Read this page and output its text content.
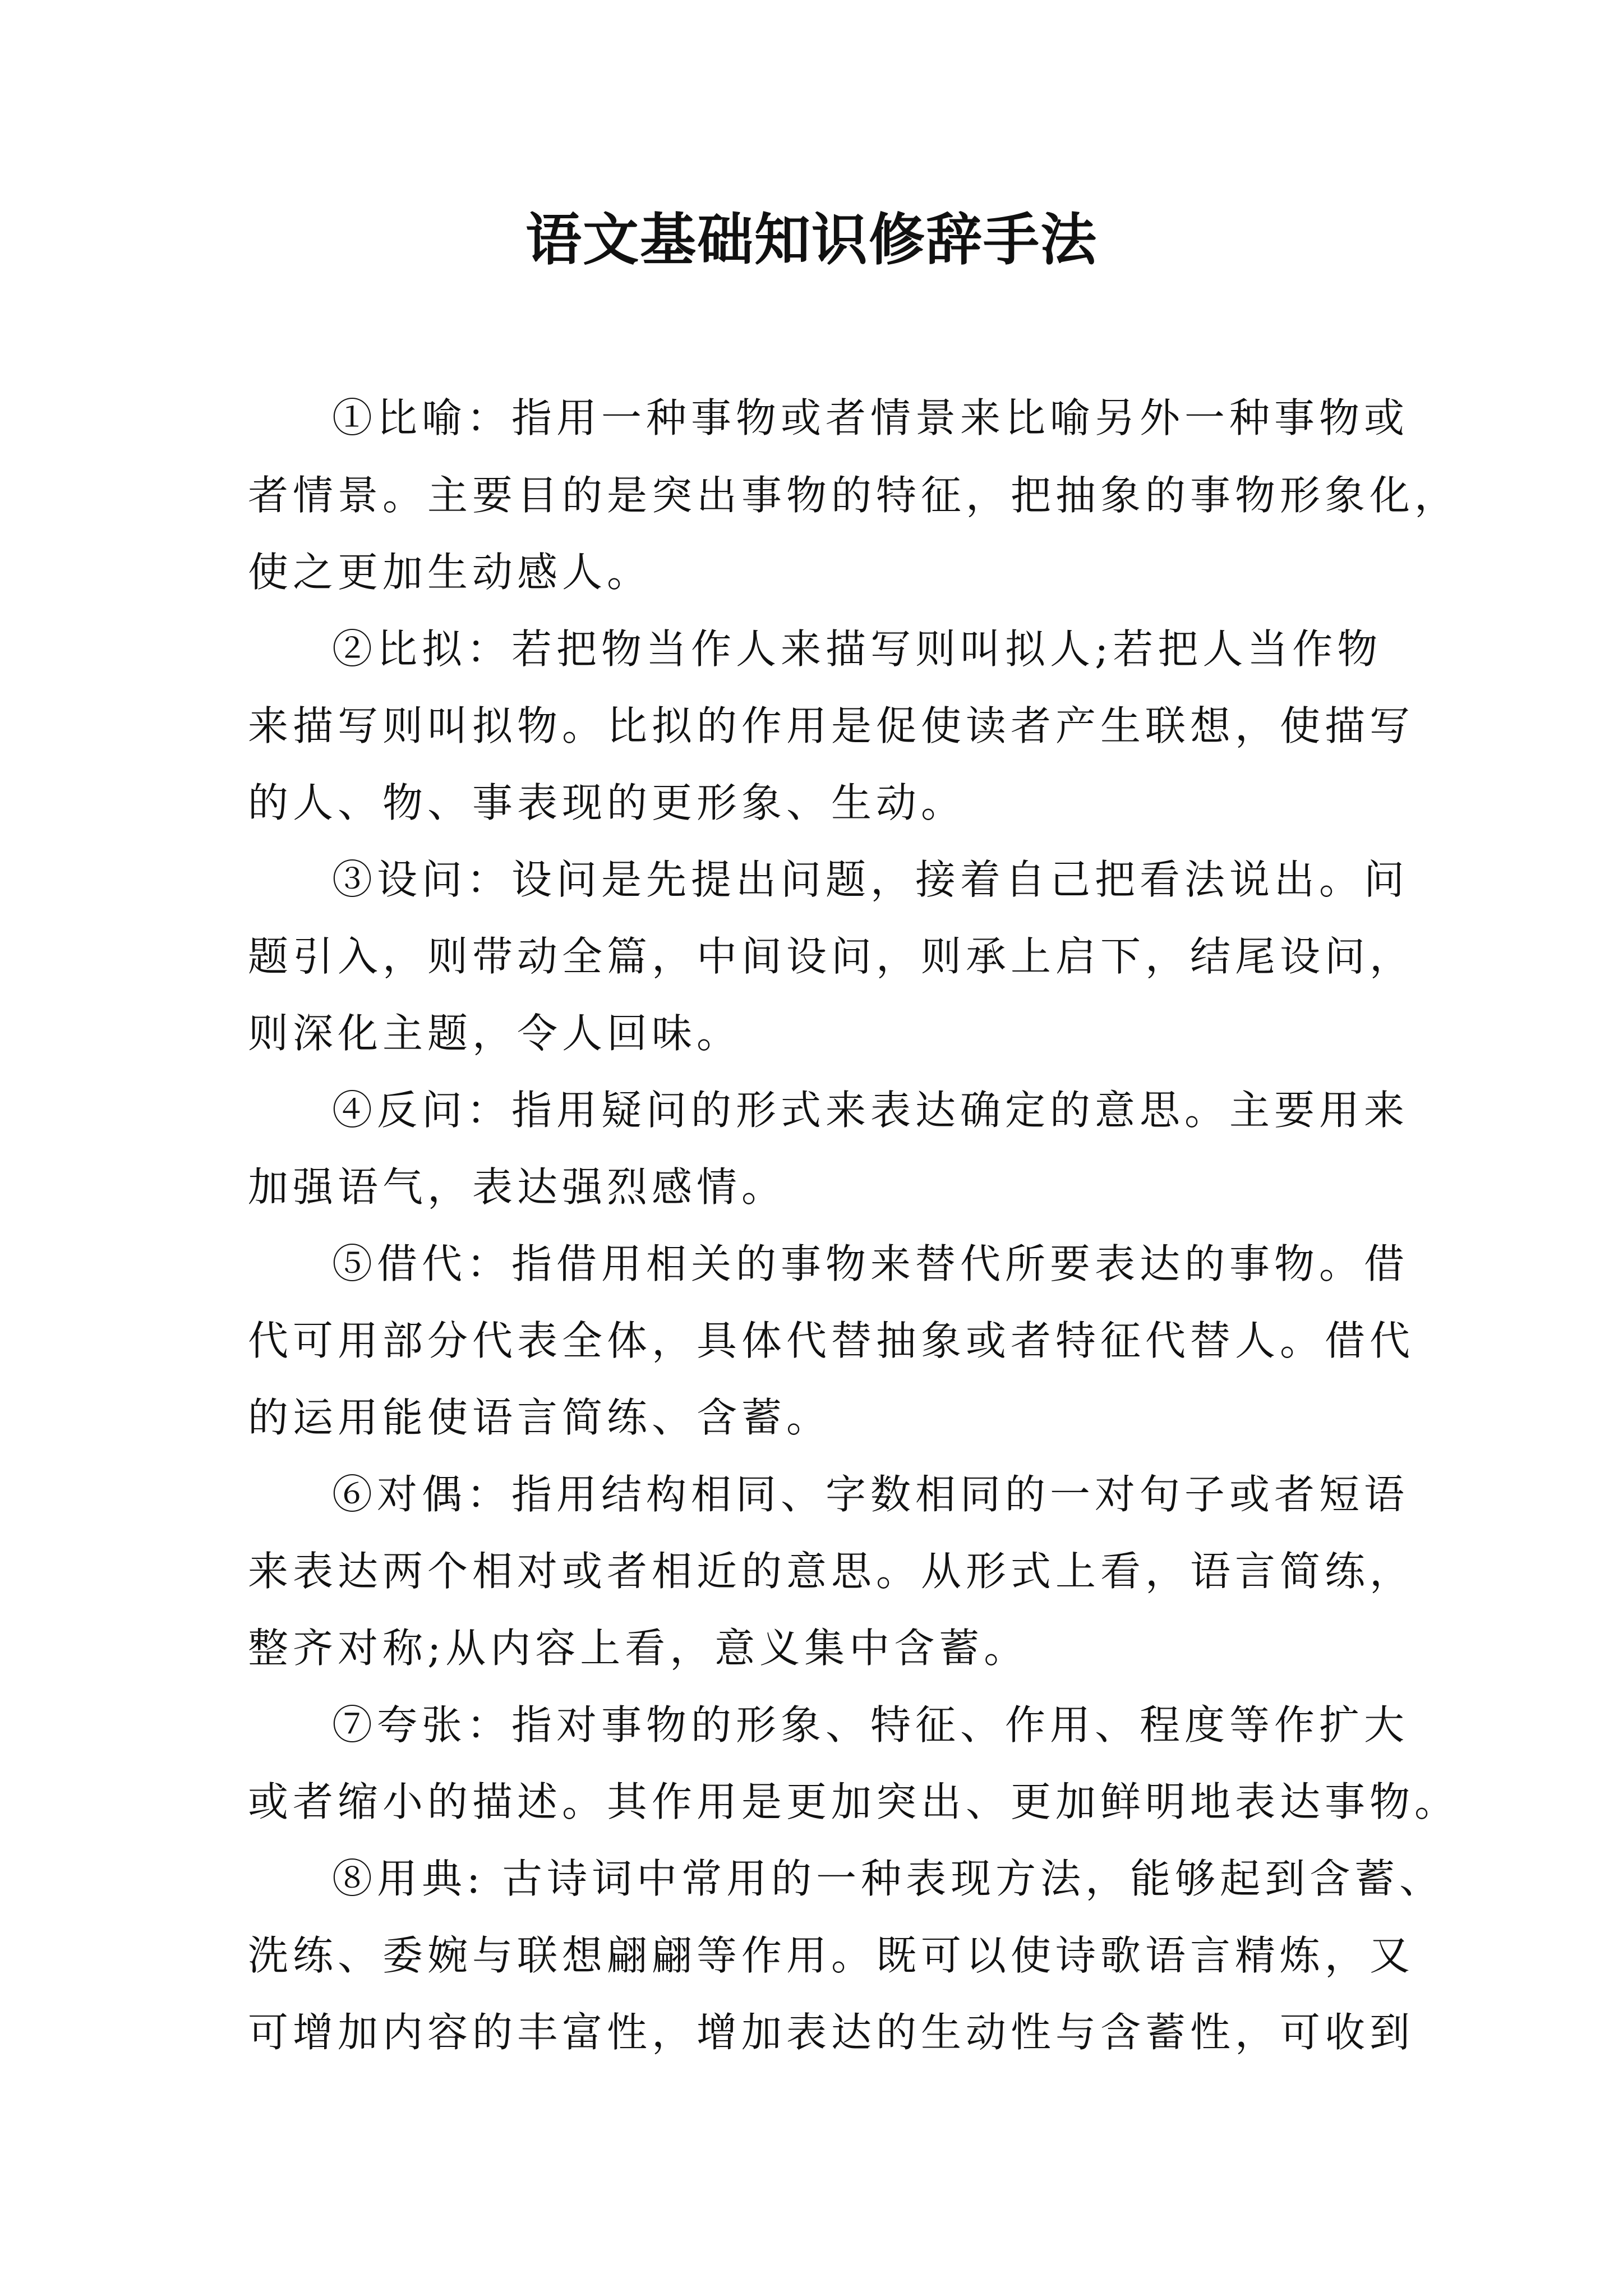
语文基础知识修辞手法
①比喻：指用一种事物或者情景来比喻另外一种事物或
者情景。主要目的是突出事物的特征，把抽象的事物形象化，
使之更加生动感人。
②比拟：若把物当作人来描写则叫拟人;若把人当作物
来描写则叫拟物。比拟的作用是促使读者产生联想，使描写
的人、物、事表现的更形象、生动。
③设问：设问是先提出问题，接着自己把看法说出。问
题引入，则带动全篇，中间设问，则承上启下，结尾设问，
则深化主题，令人回味。
④反问：指用疑问的形式来表达确定的意思。主要用来
加强语气，表达强烈感情。
⑤借代：指借用相关的事物来替代所要表达的事物。借
代可用部分代表全体，具体代替抽象或者特征代替人。借代
的运用能使语言简练、含蓄。
⑥对偶：指用结构相同、字数相同的一对句子或者短语
来表达两个相对或者相近的意思。从形式上看，语言简练，
整齐对称;从内容上看，意义集中含蓄。
⑦夸张：指对事物的形象、特征、作用、程度等作扩大
或者缩小的描述。其作用是更加突出、更加鲜明地表达事物。
⑧用典: 古诗词中常用的一种表现方法，能够起到含蓄、
洗练、委婉与联想翩翩等作用。既可以使诗歌语言精炼，又
可增加内容的丰富性，增加表达的生动性与含蓄性，可收到
